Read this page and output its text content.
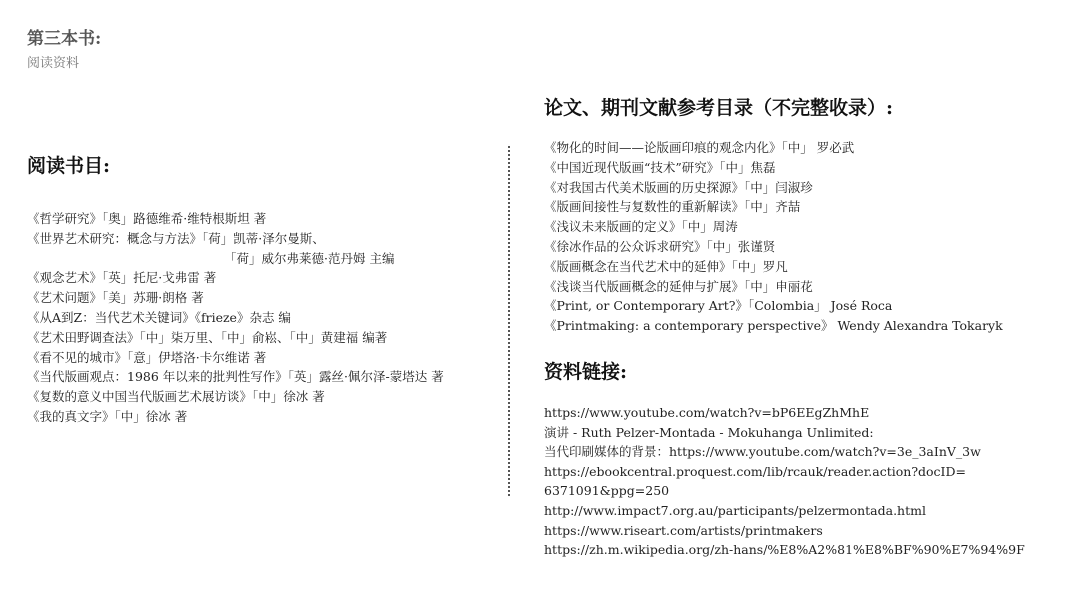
第三本书:
阅读资料
阅读书目:
《哲学研究》「奥」路德维希·维特根斯坦 著
《世界艺术研究：概念与方法》「荷」凯蒂·泽尔曼斯、
「荷」威尔弗莱德·范丹姆 主编
《观念艺术》「英」托尼·戈弗雷 著
《艺术问题》「美」苏珊·朗格 著
《从A到Z：当代艺术关键词》《frieze》杂志 编
《艺术田野调查法》「中」柒万里、「中」俞崧、「中」黄建福 编著
《看不见的城市》「意」伊塔洛·卡尔维诺 著
《当代版画观点：1986 年以来的批判性写作》「英」露丝·佩尔泽-蒙塔达 著
《复数的意义中国当代版画艺术展访谈》「中」徐冰 著
《我的真文字》「中」徐冰 著
论文、期刊文献参考目录（不完整收录）:
《物化的时间——论版画印痕的观念内化》「中」 罗必武
《中国近现代版画“技术”研究》「中」焦磊
《对我国古代美术版画的历史探源》「中」闫淑珍
《版画间接性与复数性的重新解读》「中」齐喆
《浅议未来版画的定义》「中」周涛
《徐冰作品的公众诉求研究》「中」张谨贤
《版画概念在当代艺术中的延伸》「中」罗凡
《浅谈当代版画概念的延伸与扩展》「中」申丽花
《Print, or Contemporary Art?》「Colombia」 José Roca
《Printmaking: a contemporary perspective》 Wendy Alexandra Tokaryk
资料链接:
https://www.youtube.com/watch?v=bP6EEgZhMhE
演讲 - Ruth Pelzer-Montada - Mokuhanga Unlimited:
当代印刷媒体的背景：https://www.youtube.com/watch?v=3e_3aInV_3w
https://ebookcentral.proquest.com/lib/rcauk/reader.action?docID=
6371091&ppg=250
http://www.impact7.org.au/participants/pelzermontada.html
https://www.riseart.com/artists/printmakers
https://zh.m.wikipedia.org/zh-hans/%E8%A2%81%E8%BF%90%E7%94%9F
